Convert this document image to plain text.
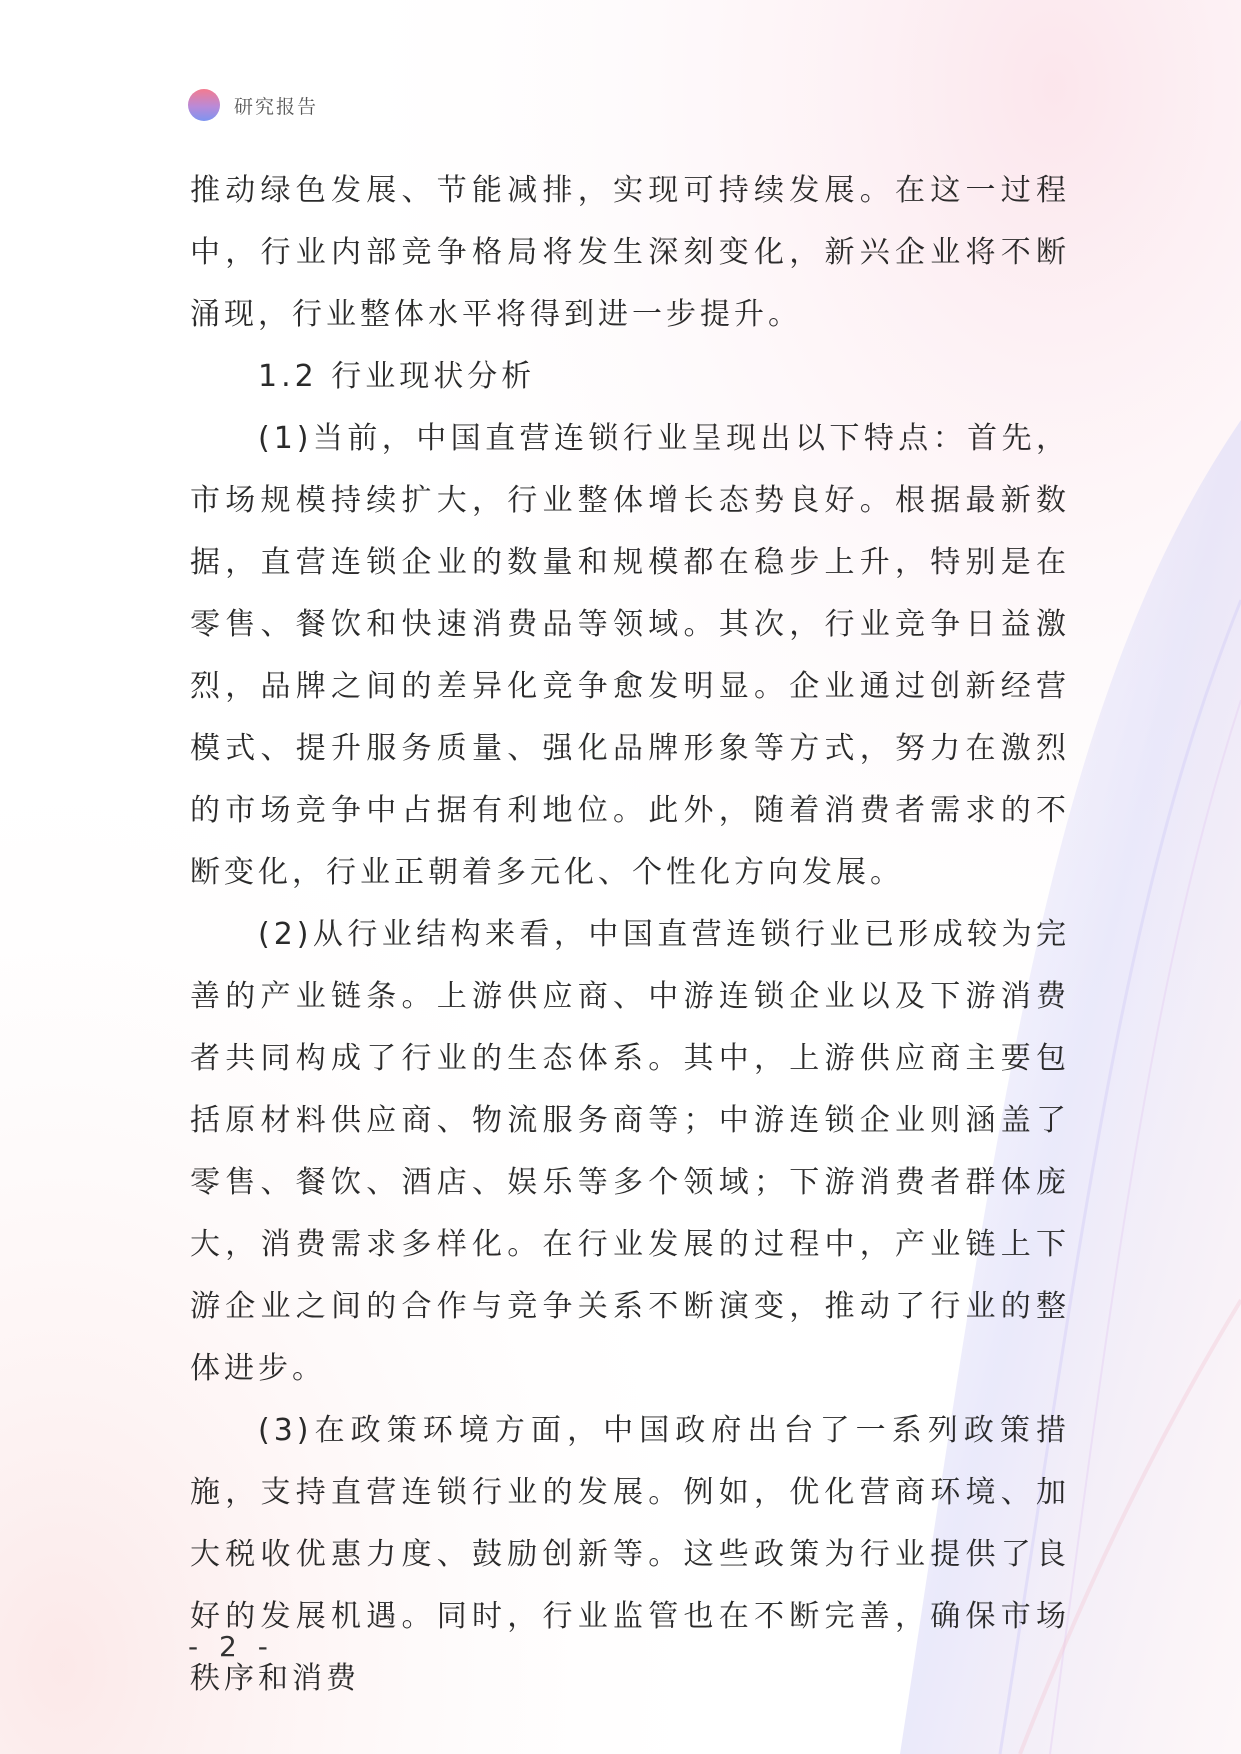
研究报告

推动绿色发展、节能减排，实现可持续发展。在这一过程中，行业内部竞争格局将发生深刻变化，新兴企业将不断涌现，行业整体水平将得到进一步提升。

1.2 行业现状分析

(1)当前，中国直营连锁行业呈现出以下特点：首先，市场规模持续扩大，行业整体增长态势良好。根据最新数据，直营连锁企业的数量和规模都在稳步上升，特别是在零售、餐饮和快速消费品等领域。其次，行业竞争日益激烈，品牌之间的差异化竞争愈发明显。企业通过创新经营模式、提升服务质量、强化品牌形象等方式，努力在激烈的市场竞争中占据有利地位。此外，随着消费者需求的不断变化，行业正朝着多元化、个性化方向发展。

(2)从行业结构来看，中国直营连锁行业已形成较为完善的产业链条。上游供应商、中游连锁企业以及下游消费者共同构成了行业的生态体系。其中，上游供应商主要包括原材料供应商、物流服务商等；中游连锁企业则涵盖了零售、餐饮、酒店、娱乐等多个领域；下游消费者群体庞大，消费需求多样化。在行业发展的过程中，产业链上下游企业之间的合作与竞争关系不断演变，推动了行业的整体进步。

(3)在政策环境方面，中国政府出台了一系列政策措施，支持直营连锁行业的发展。例如，优化营商环境、加大税收优惠力度、鼓励创新等。这些政策为行业提供了良好的发展机遇。同时，行业监管也在不断完善，确保市场秩序和消费

- 2 -
